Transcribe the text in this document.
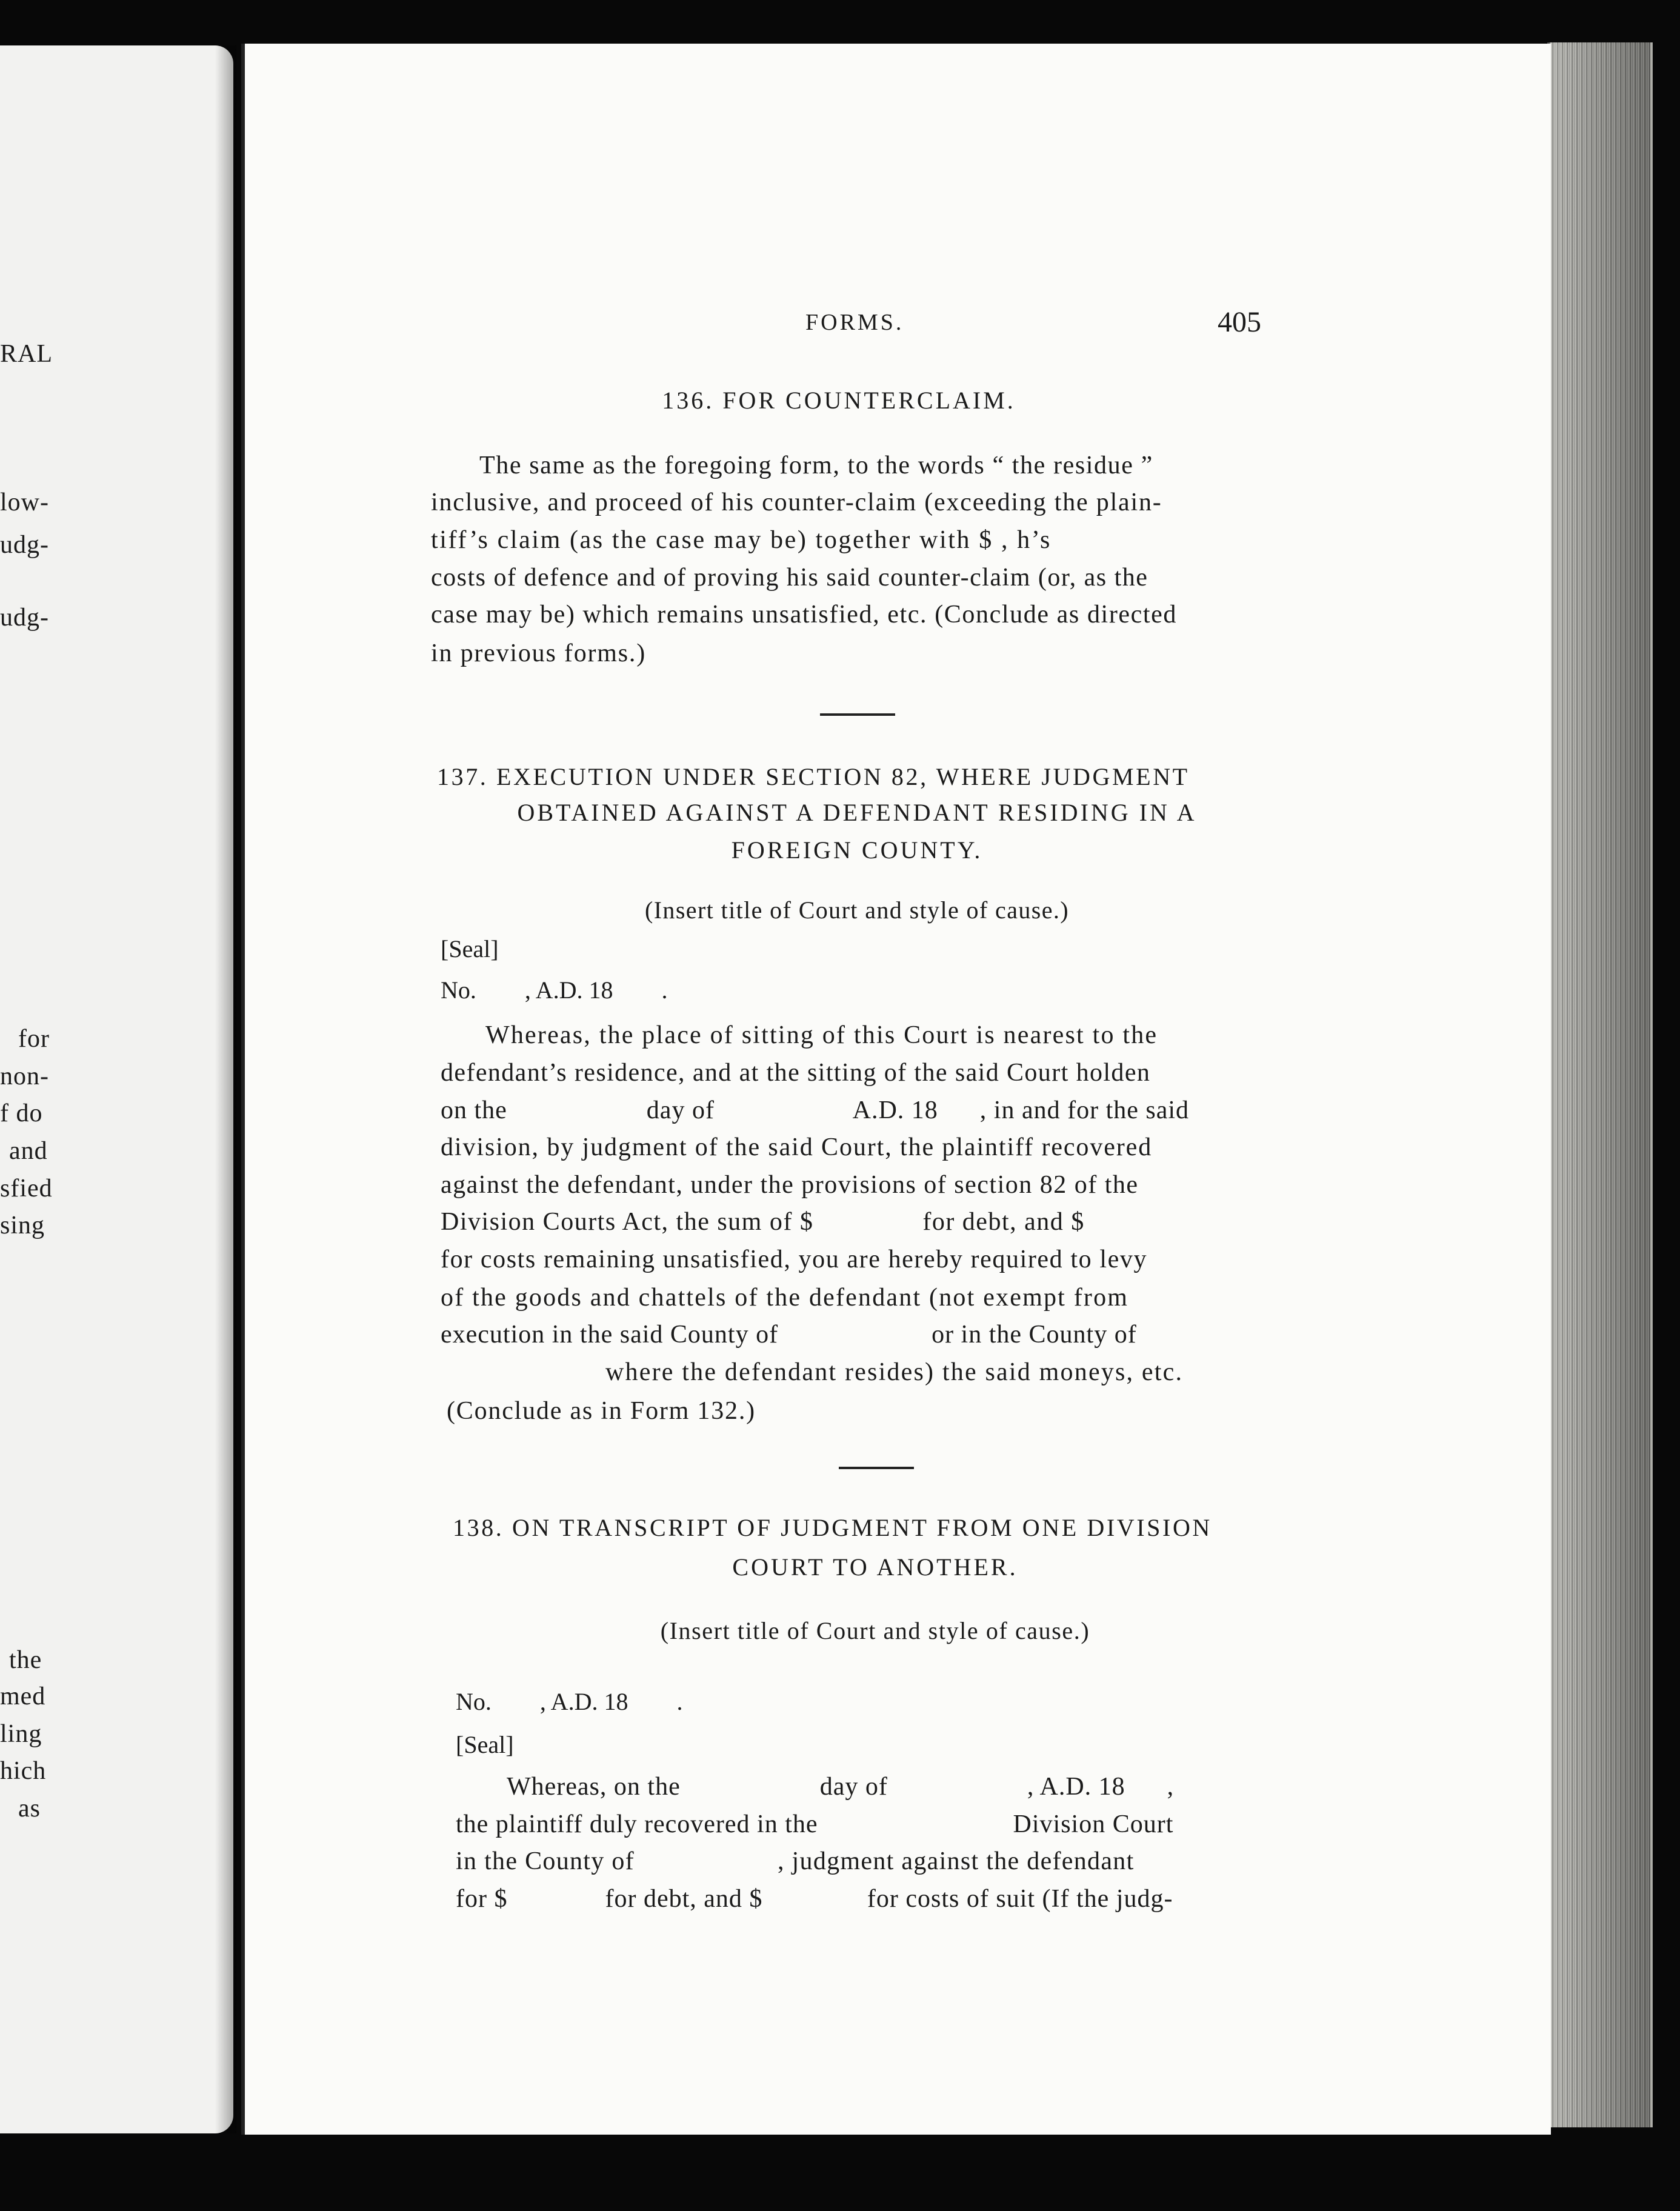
RAL
low-
udg-
udg-
for
non-
f do
and
sfied
sing
the
med
ling
hich
as
FORMS.	405
136. FOR COUNTERCLAIM.
The same as the foregoing form, to the words “ the residue ”
inclusive, and proceed of his counter-claim (exceeding the plain-
tiff’s claim (as the case may be) together with $ , h’s
costs of defence and of proving his said counter-claim (or, as the
case may be) which remains unsatisfied, etc. (Conclude as directed
in previous forms.)
137. EXECUTION UNDER SECTION 82, WHERE JUDGMENT
OBTAINED AGAINST A DEFENDANT RESIDING IN A
FOREIGN COUNTY.
(Insert title of Court and style of cause.)
[Seal]
No.        , A.D. 18        .
Whereas, the place of sitting of this Court is nearest to the
defendant’s residence, and at the sitting of the said Court holden
on the                    day of                    A.D. 18      , in and for the said
division, by judgment of the said Court, the plaintiff recovered
against the defendant, under the provisions of section 82 of the
Division Courts Act, the sum of $               for debt, and $
for costs remaining unsatisfied, you are hereby required to levy
of the goods and chattels of the defendant (not exempt from
execution in the said County of                      or in the County of
where the defendant resides) the said moneys, etc.
(Conclude as in Form 132.)
138. ON TRANSCRIPT OF JUDGMENT FROM ONE DIVISION
COURT TO ANOTHER.
(Insert title of Court and style of cause.)
No.        , A.D. 18        .
[Seal]
Whereas, on the                    day of                    , A.D. 18      ,
the plaintiff duly recovered in the                            Division Court
in the County of                    , judgment against the defendant
for $              for debt, and $               for costs of suit (If the judg-
